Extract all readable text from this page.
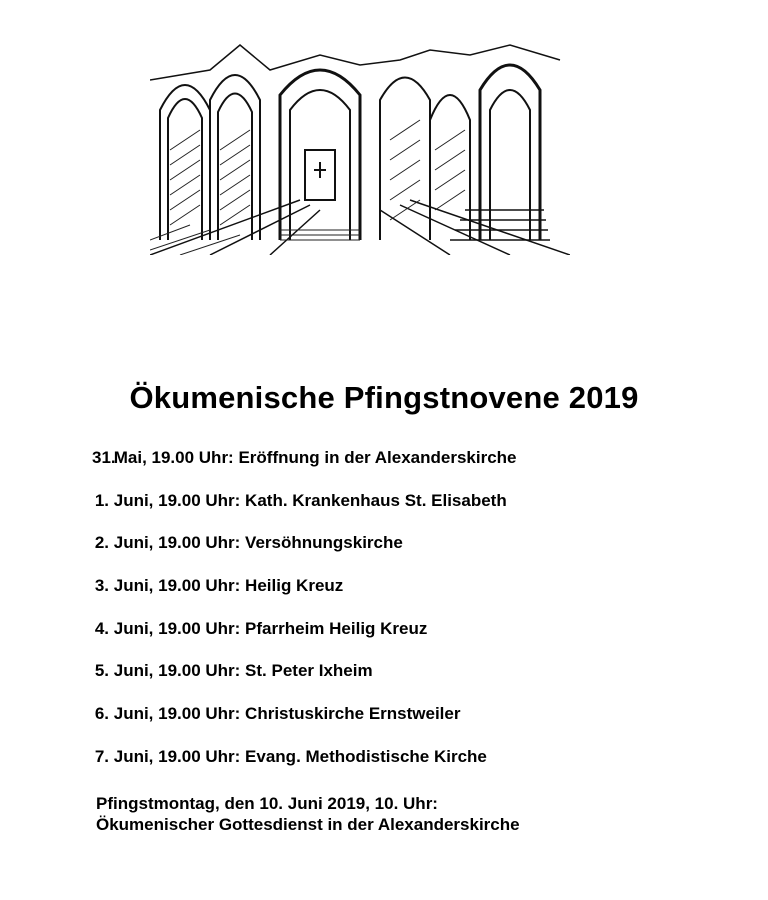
Ökumenische Pfingstnovene 2019
31. Mai, 19.00 Uhr: Eröffnung in der Alexanderskirche
1. Juni, 19.00 Uhr: Kath. Krankenhaus St. Elisabeth
2. Juni, 19.00 Uhr: Versöhnungskirche
3. Juni, 19.00 Uhr: Heilig Kreuz
4. Juni, 19.00 Uhr: Pfarrheim Heilig Kreuz
5. Juni, 19.00 Uhr: St. Peter Ixheim
6. Juni, 19.00 Uhr: Christuskirche Ernstweiler
7. Juni, 19.00 Uhr: Evang. Methodistische Kirche
Pfingstmontag, den 10. Juni 2019, 10. Uhr:
Ökumenischer Gottesdienst in der Alexanderskirche
